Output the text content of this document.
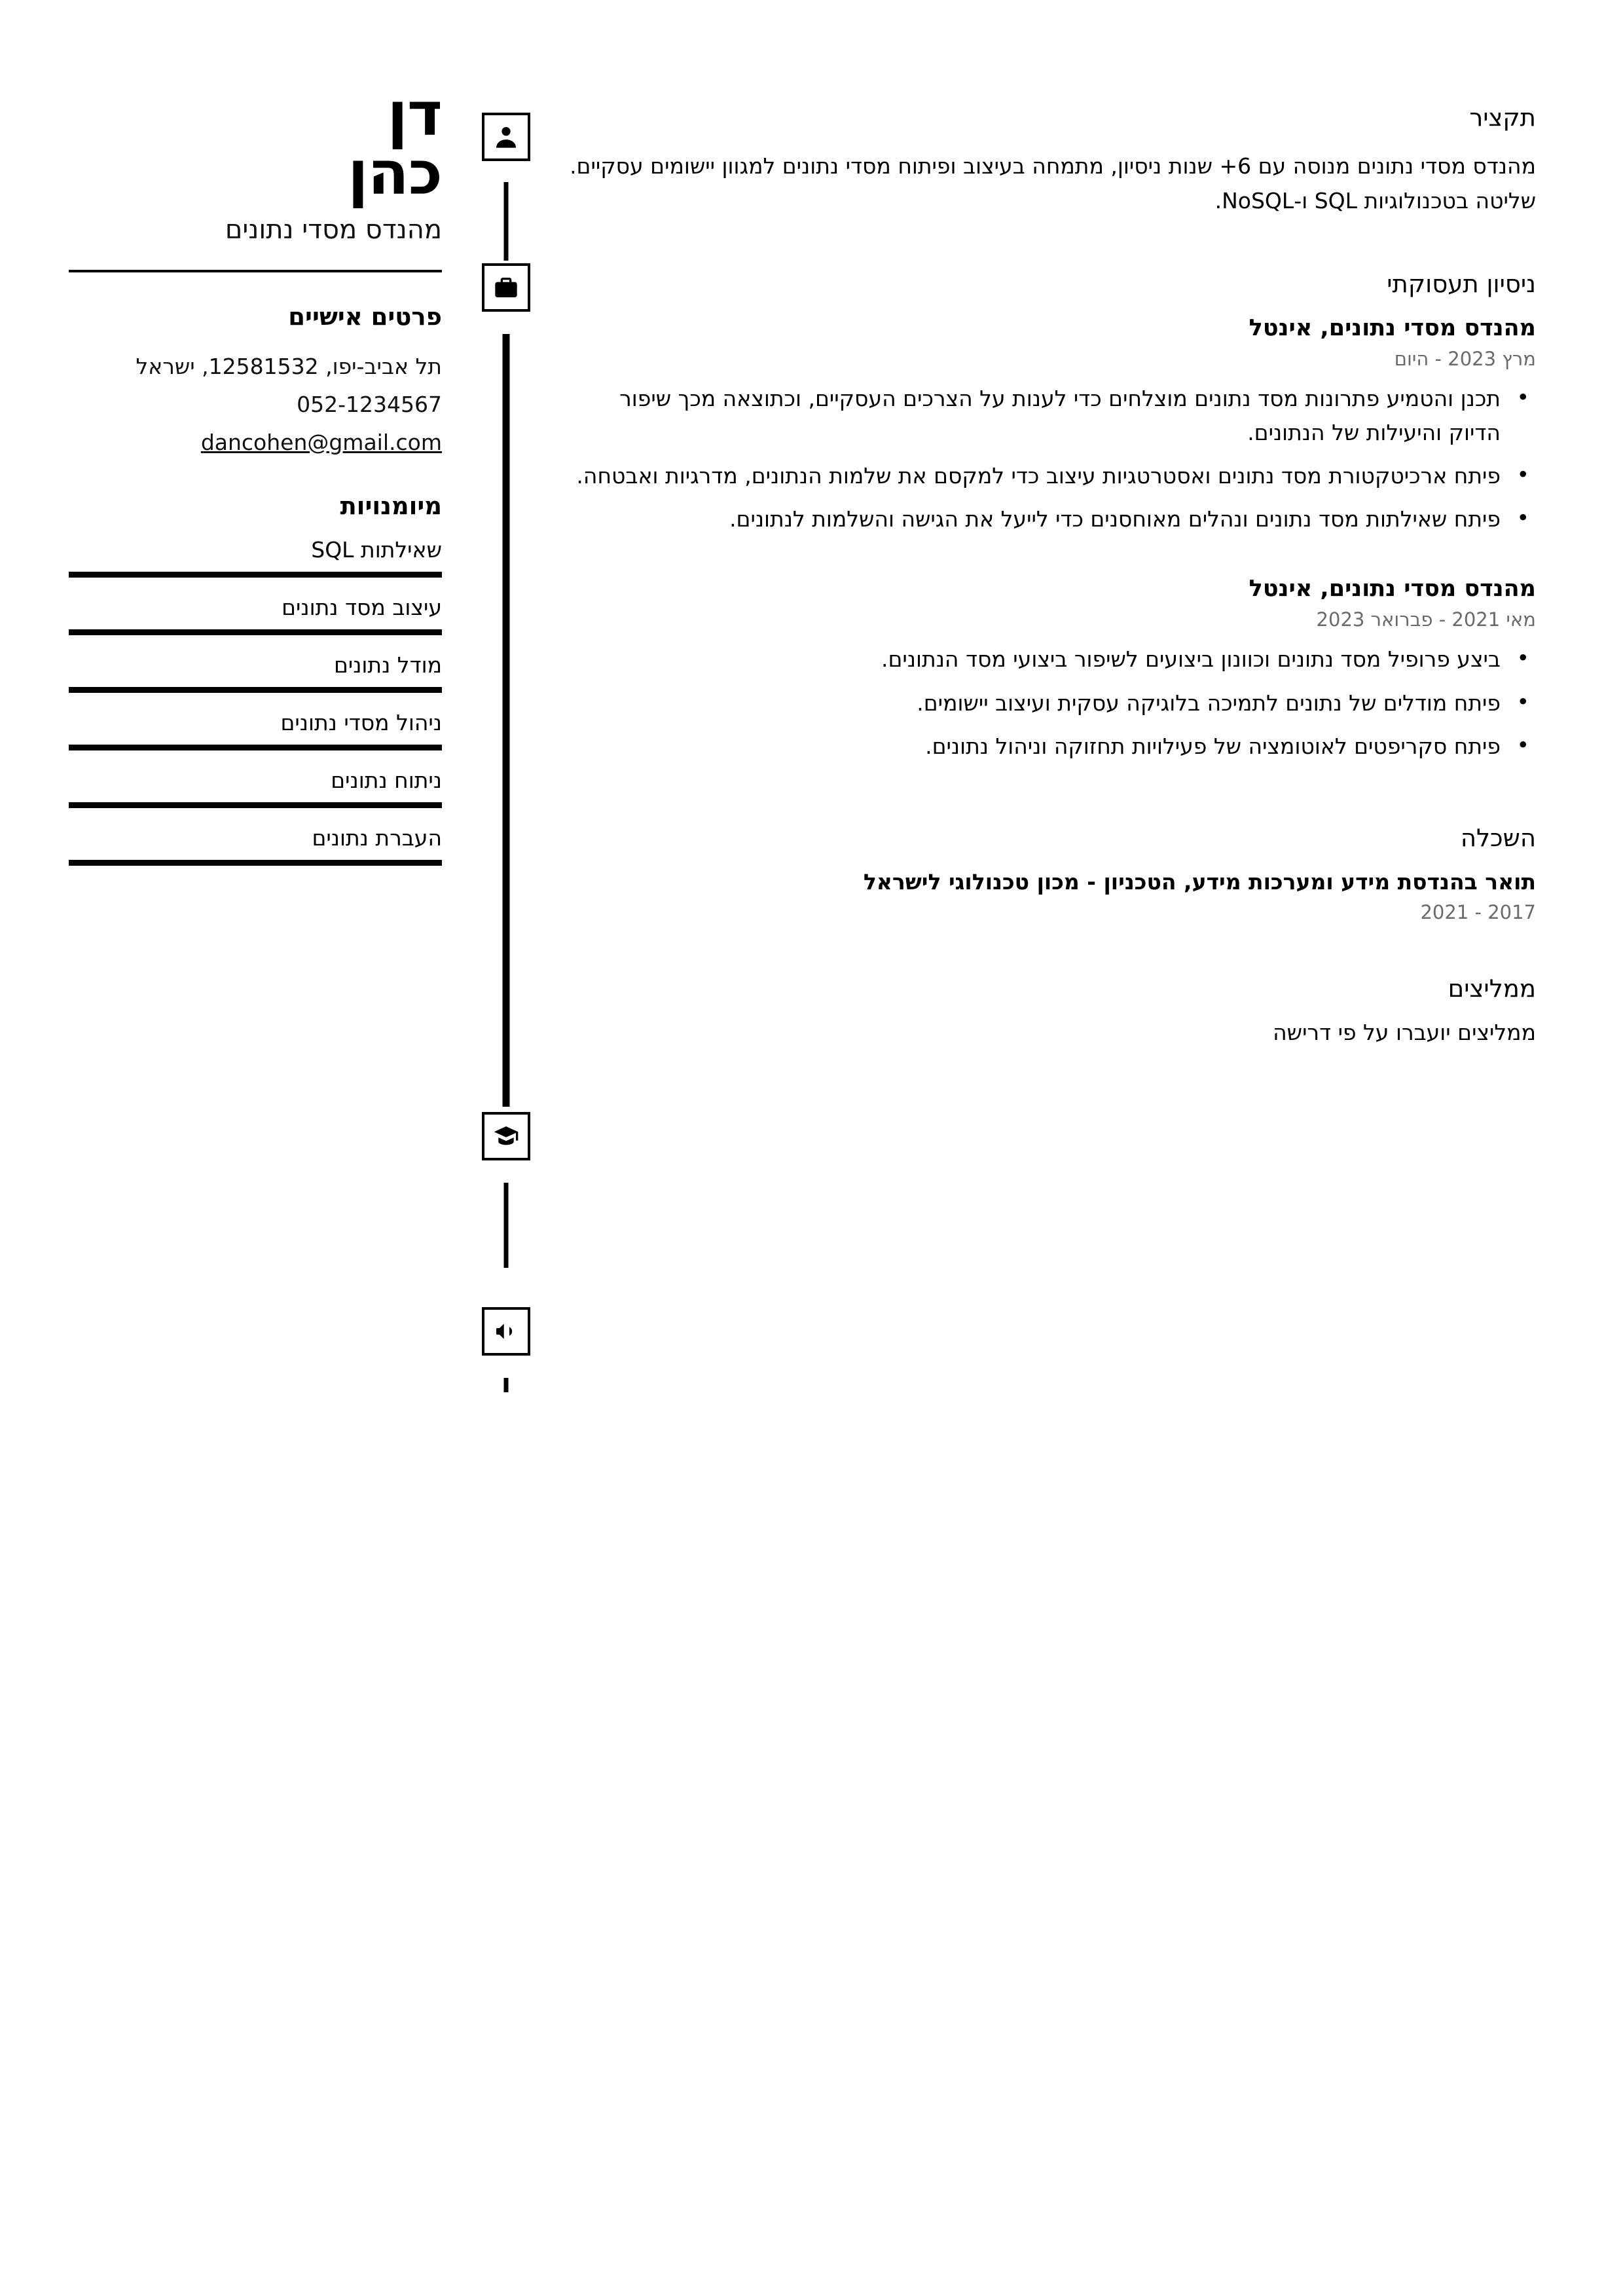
דן
כהן
מהנדס מסדי נתונים
פרטים אישיים
תל אביב-יפו, 12581532, ישראל
052-1234567
dancohen@gmail.com
מיומנויות
שאילתות SQL
עיצוב מסד נתונים
מודל נתונים
ניהול מסדי נתונים
ניתוח נתונים
העברת נתונים
תקציר
מהנדס מסדי נתונים מנוסה עם 6+ שנות ניסיון, מתמחה בעיצוב ופיתוח מסדי נתונים למגוון יישומים עסקיים. שליטה בטכנולוגיות SQL ו-NoSQL.
ניסיון תעסוקתי
מהנדס מסדי נתונים, אינטל
מרץ 2023 - היום
• תכנן והטמיע פתרונות מסד נתונים מוצלחים כדי לענות על הצרכים העסקיים, וכתוצאה מכך שיפור הדיוק והיעילות של הנתונים.
• פיתח ארכיטקטורת מסד נתונים ואסטרטגיות עיצוב כדי למקסם את שלמות הנתונים, מדרגיות ואבטחה.
• פיתח שאילתות מסד נתונים ונהלים מאוחסנים כדי לייעל את הגישה והשלמות לנתונים.
מהנדס מסדי נתונים, אינטל
מאי 2021 - פברואר 2023
• ביצע פרופיל מסד נתונים וכוונון ביצועים לשיפור ביצועי מסד הנתונים.
• פיתח מודלים של נתונים לתמיכה בלוגיקה עסקית ועיצוב יישומים.
• פיתח סקריפטים לאוטומציה של פעילויות תחזוקה וניהול נתונים.
השכלה
תואר בהנדסת מידע ומערכות מידע, הטכניון - מכון טכנולוגי לישראל
2017 - 2021
ממליצים
ממליצים יועברו על פי דרישה
